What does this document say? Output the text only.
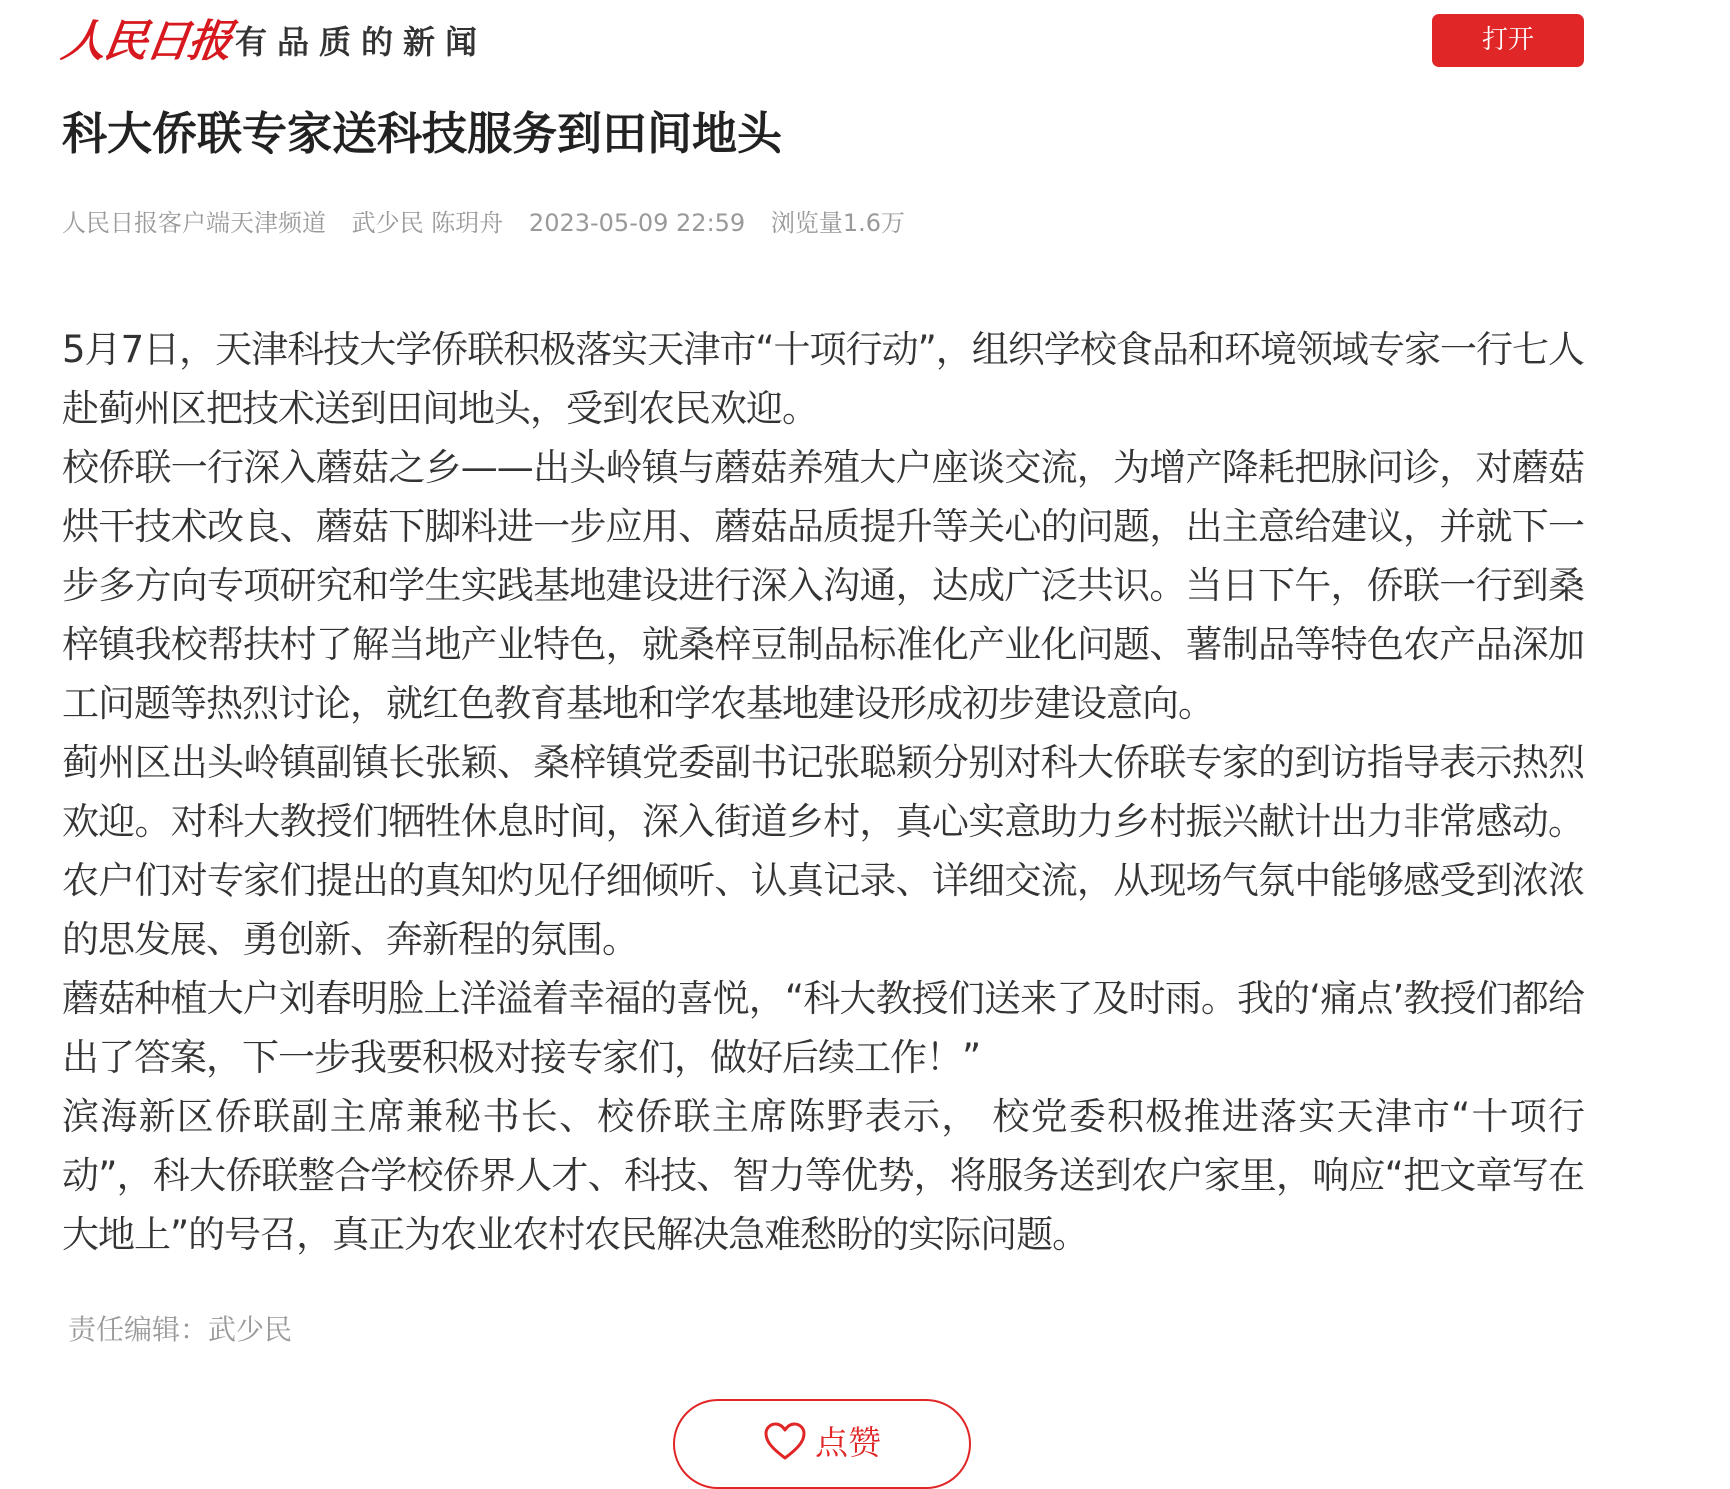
人民日报 有品质的新闻	打开
科大侨联专家送科技服务到田间地头
人民日报客户端天津频道 武少民 陈玥舟 2023-05-09 22:59 浏览量1.6万

5月7日，天津科技大学侨联积极落实天津市“十项行动”，组织学校食品和环境领域专家一行七人赴蓟州区把技术送到田间地头，受到农民欢迎。

校侨联一行深入蘑菇之乡——出头岭镇与蘑菇养殖大户座谈交流，为增产降耗把脉问诊，对蘑菇烘干技术改良、蘑菇下脚料进一步应用、蘑菇品质提升等关心的问题，出主意给建议，并就下一步多方向专项研究和学生实践基地建设进行深入沟通，达成广泛共识。当日下午，侨联一行到桑梓镇我校帮扶村了解当地产业特色，就桑梓豆制品标准化产业化问题、薯制品等特色农产品深加工问题等热烈讨论，就红色教育基地和学农基地建设形成初步建设意向。

蓟州区出头岭镇副镇长张颖、桑梓镇党委副书记张聪颖分别对科大侨联专家的到访指导表示热烈欢迎。对科大教授们牺牲休息时间，深入街道乡村，真心实意助力乡村振兴献计出力非常感动。农户们对专家们提出的真知灼见仔细倾听、认真记录、详细交流，从现场气氛中能够感受到浓浓的思发展、勇创新、奔新程的氛围。

蘑菇种植大户刘春明脸上洋溢着幸福的喜悦，“科大教授们送来了及时雨。我的‘痛点’教授们都给出了答案，下一步我要积极对接专家们，做好后续工作！”

滨海新区侨联副主席兼秘书长、校侨联主席陈野表示， 校党委积极推进落实天津市“十项行动”，科大侨联整合学校侨界人才、科技、智力等优势，将服务送到农户家里，响应“把文章写在大地上”的号召，真正为农业农村农民解决急难愁盼的实际问题。

责任编辑：武少民
点赞
